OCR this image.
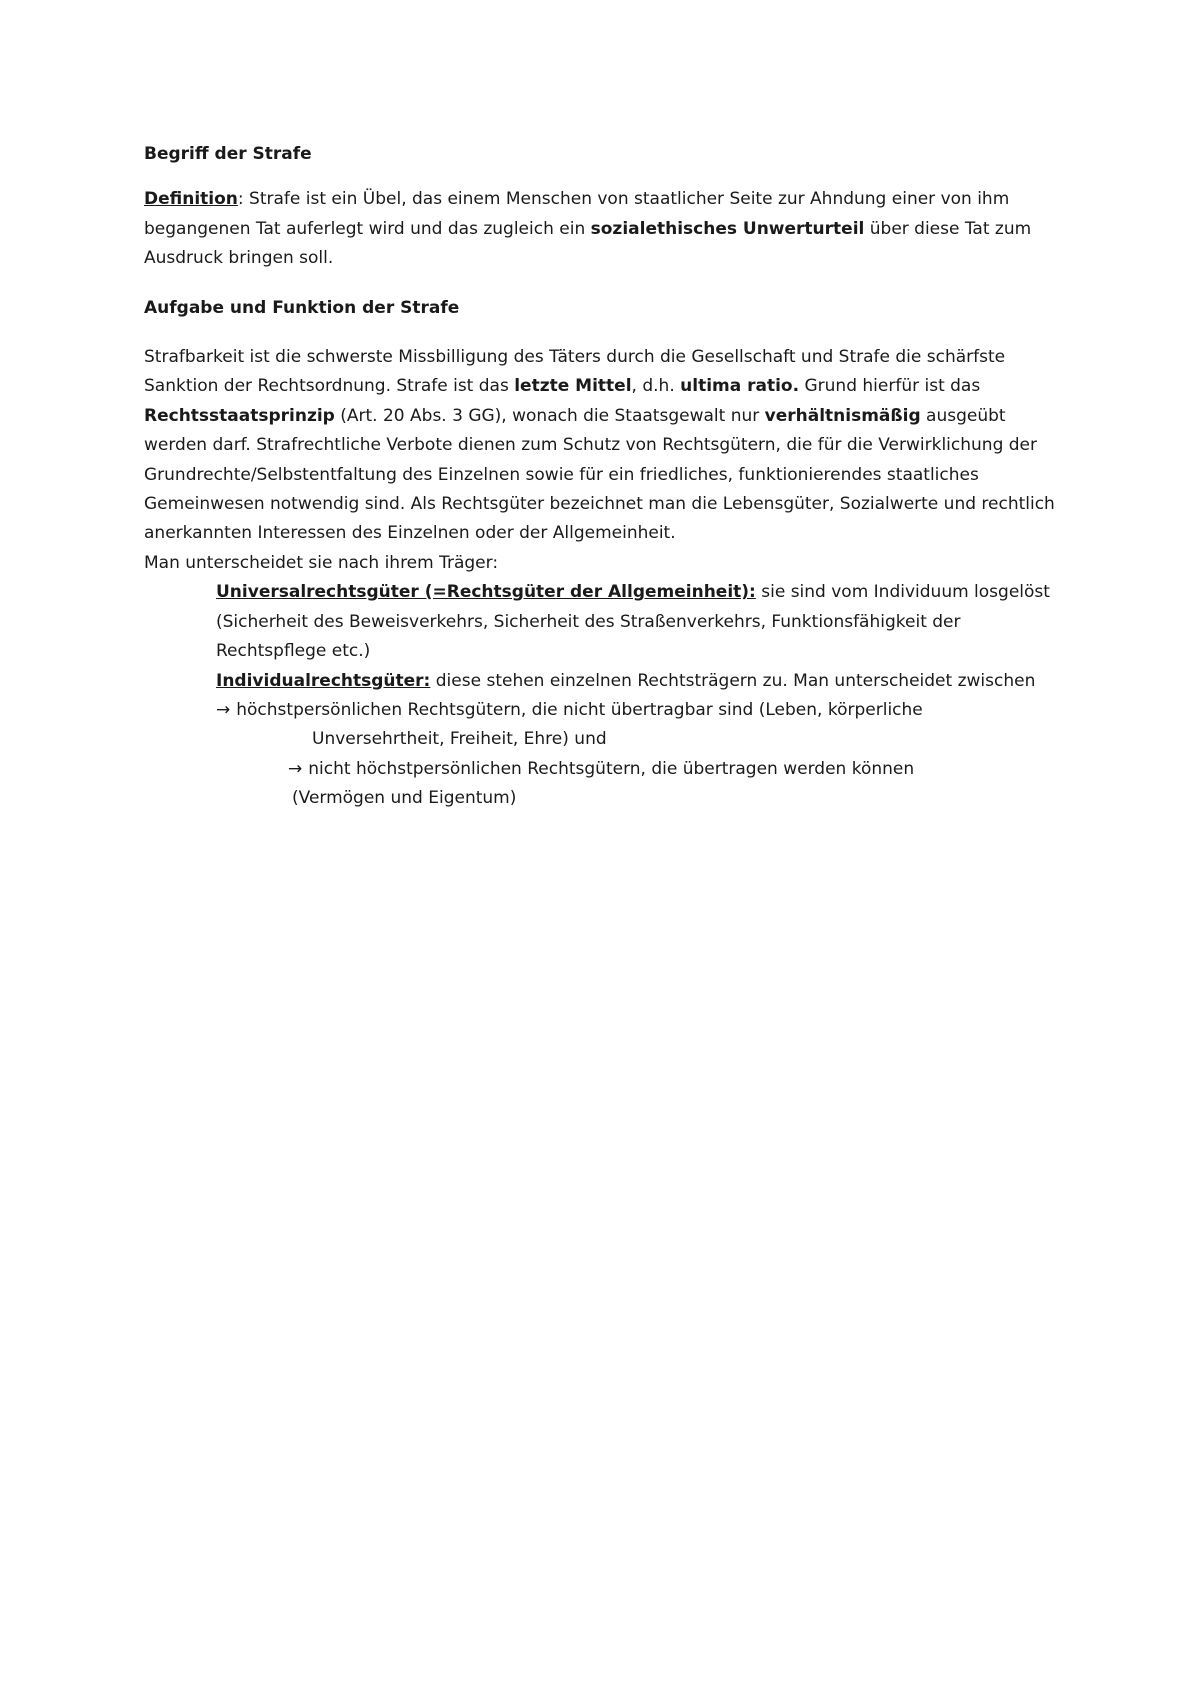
Begriff der Strafe

Definition: Strafe ist ein Übel, das einem Menschen von staatlicher Seite zur Ahndung einer von ihm begangenen Tat auferlegt wird und das zugleich ein sozialethisches Unwerturteil über diese Tat zum Ausdruck bringen soll.

Aufgabe und Funktion der Strafe

Strafbarkeit ist die schwerste Missbilligung des Täters durch die Gesellschaft und Strafe die schärfste Sanktion der Rechtsordnung. Strafe ist das letzte Mittel, d.h. ultima ratio. Grund hierfür ist das Rechtsstaatsprinzip (Art. 20 Abs. 3 GG), wonach die Staatsgewalt nur verhältnismäßig ausgeübt werden darf. Strafrechtliche Verbote dienen zum Schutz von Rechtsgütern, die für die Verwirklichung der Grundrechte/Selbstentfaltung des Einzelnen sowie für ein friedliches, funktionierendes staatliches Gemeinwesen notwendig sind. Als Rechtsgüter bezeichnet man die Lebensgüter, Sozialwerte und rechtlich anerkannten Interessen des Einzelnen oder der Allgemeinheit.

Man unterscheidet sie nach ihrem Träger:

Universalrechtsgüter (=Rechtsgüter der Allgemeinheit): sie sind vom Individuum losgelöst (Sicherheit des Beweisverkehrs, Sicherheit des Straßenverkehrs, Funktionsfähigkeit der Rechtspflege etc.)

Individualrechtsgüter: diese stehen einzelnen Rechtsträgern zu. Man unterscheidet zwischen

→ höchstpersönlichen Rechtsgütern, die nicht übertragbar sind (Leben, körperliche

Unversehrtheit, Freiheit, Ehre) und

→ nicht höchstpersönlichen Rechtsgütern, die übertragen werden können

(Vermögen und Eigentum)
